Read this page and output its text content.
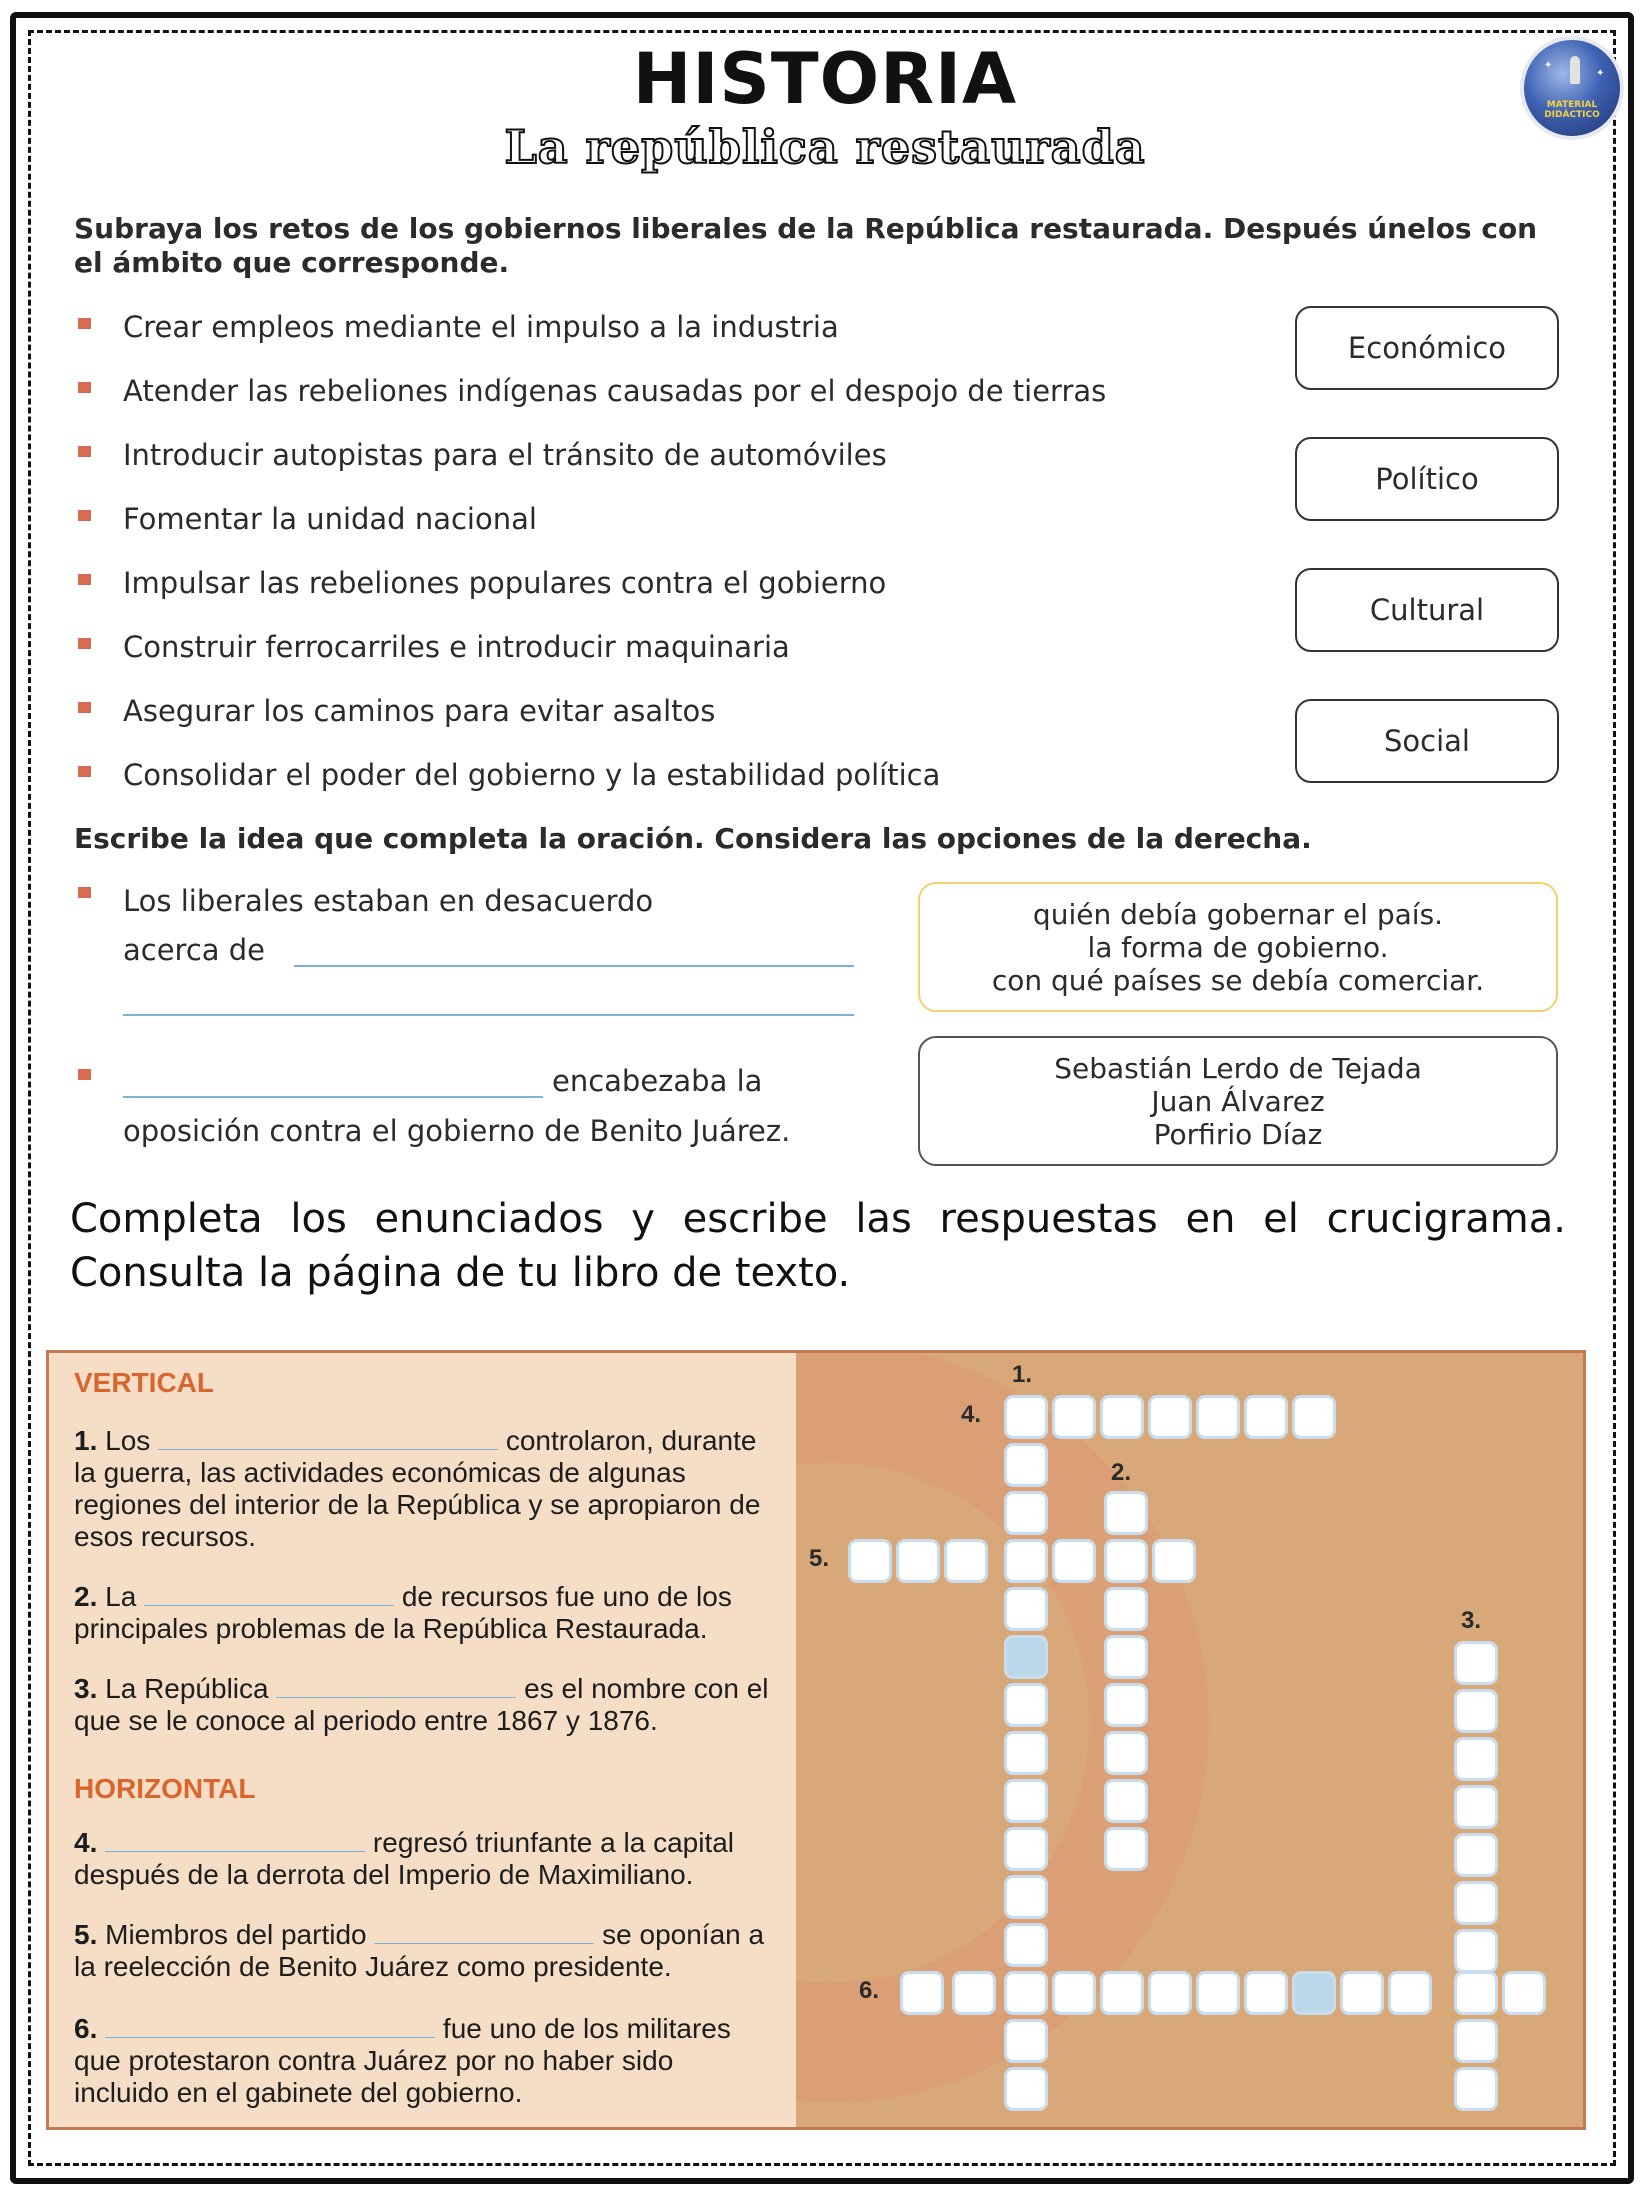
HISTORIA
La república restaurada
✦
✦
MATERIAL DIDÁCTICO
Subraya los retos de los gobiernos liberales de la República restaurada. Después únelos con el ámbito que corresponde.
Crear empleos mediante el impulso a la industria
Atender las rebeliones indígenas causadas por el despojo de tierras
Introducir autopistas para el tránsito de automóviles
Fomentar la unidad nacional
Impulsar las rebeliones populares contra el gobierno
Construir ferrocarriles e introducir maquinaria
Asegurar los caminos para evitar asaltos
Consolidar el poder del gobierno y la estabilidad política
Económico
Político
Cultural
Social
Escribe la idea que completa la oración. Considera las opciones de la derecha.
Los liberales estaban en desacuerdo
acerca de
quién debía gobernar el país.
la forma de gobierno.
con qué países se debía comerciar.
encabezaba la
oposición contra el gobierno de Benito Juárez.
Sebastián Lerdo de Tejada
Juan Álvarez
Porfirio Díaz
Completa los enunciados y escribe las respuestas en el crucigrama. Consulta la página de tu libro de texto.
VERTICAL
1. Los	controlaron, durante la guerra, las actividades económicas de algunas regiones del interior de la República y se apropiaron de esos recursos.
2. La	de recursos fue uno de los principales problemas de la República Restaurada.
3. La República	es el nombre con el que se le conoce al periodo entre 1867 y 1876.
HORIZONTAL
4.	regresó triunfante a la capital después de la derrota del Imperio de Maximiliano.
5. Miembros del partido	se oponían a la reelección de Benito Juárez como presidente.
6.	fue uno de los militares que protestaron contra Juárez por no haber sido incluido en el gabinete del gobierno.
1.
2.
3.
4.
5.
6.
